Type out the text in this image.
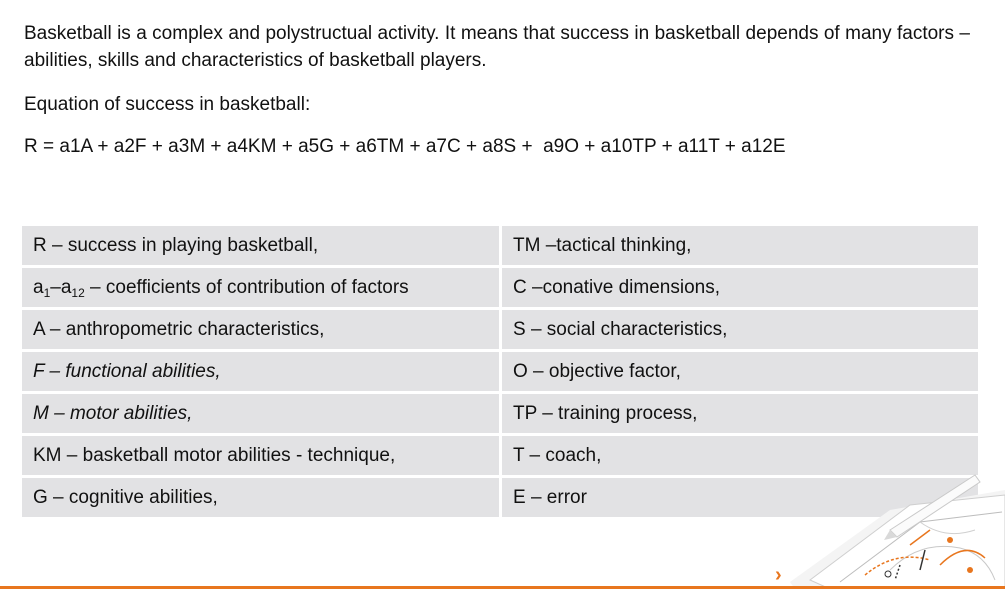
Basketball is a complex and polystructual activity. It means that success in basketball depends of many factors – abilities, skills and characteristics of basketball players.

Equation of success in basketball:

R = a1A + a2F + a3M + a4KM + a5G + a6TM + a7C + a8S +  a9O + a10TP + a11T + a12E

R – success in playing basketball,	TM –tactical thinking,
$a_1-a_{12}$ – coefficients of contribution of factors	C –conative dimensions,
A – anthropometric characteristics,	S – social characteristics,
F – functional abilities,	O – objective factor,
M – motor abilities,	TP – training process,
KM – basketball motor abilities - technique,	T – coach,
G – cognitive abilities,	E – error
›
